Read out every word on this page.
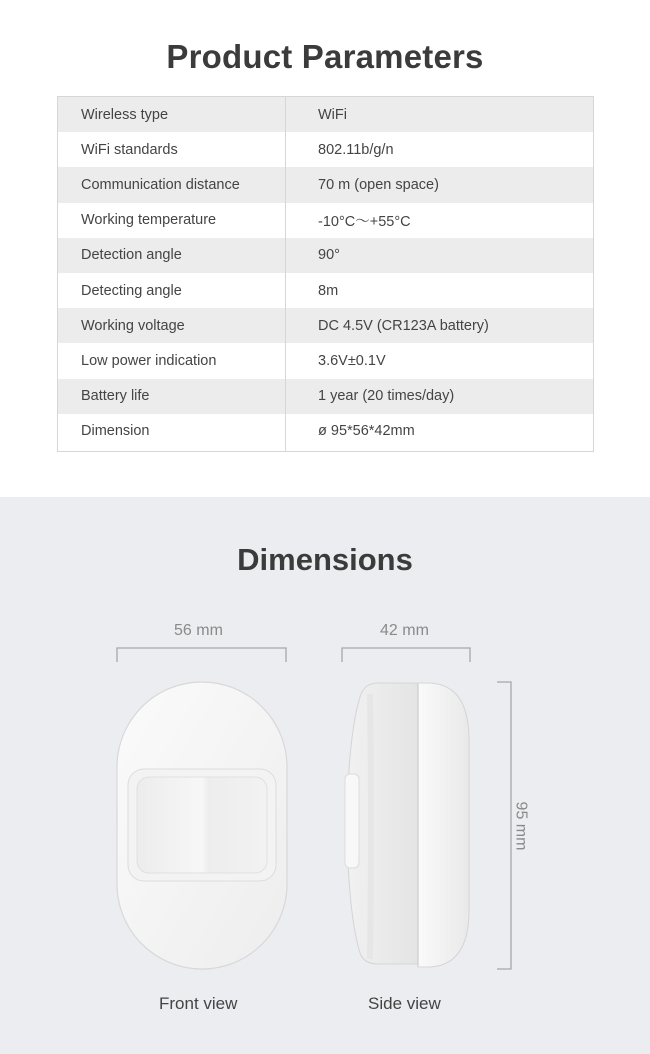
Product Parameters
Wireless type	WiFi
WiFi standards	802.11b/g/n
Communication distance	70 m (open space)
Working temperature	-10°C～+55°C
Detection angle	90°
Detecting angle	8m
Working voltage	DC 4.5V (CR123A battery)
Low power indication	3.6V±0.1V
Battery life	1 year (20 times/day)
Dimension	ø 95*56*42mm
Dimensions
56 mm	42 mm
95 mm
Front view	Side view
